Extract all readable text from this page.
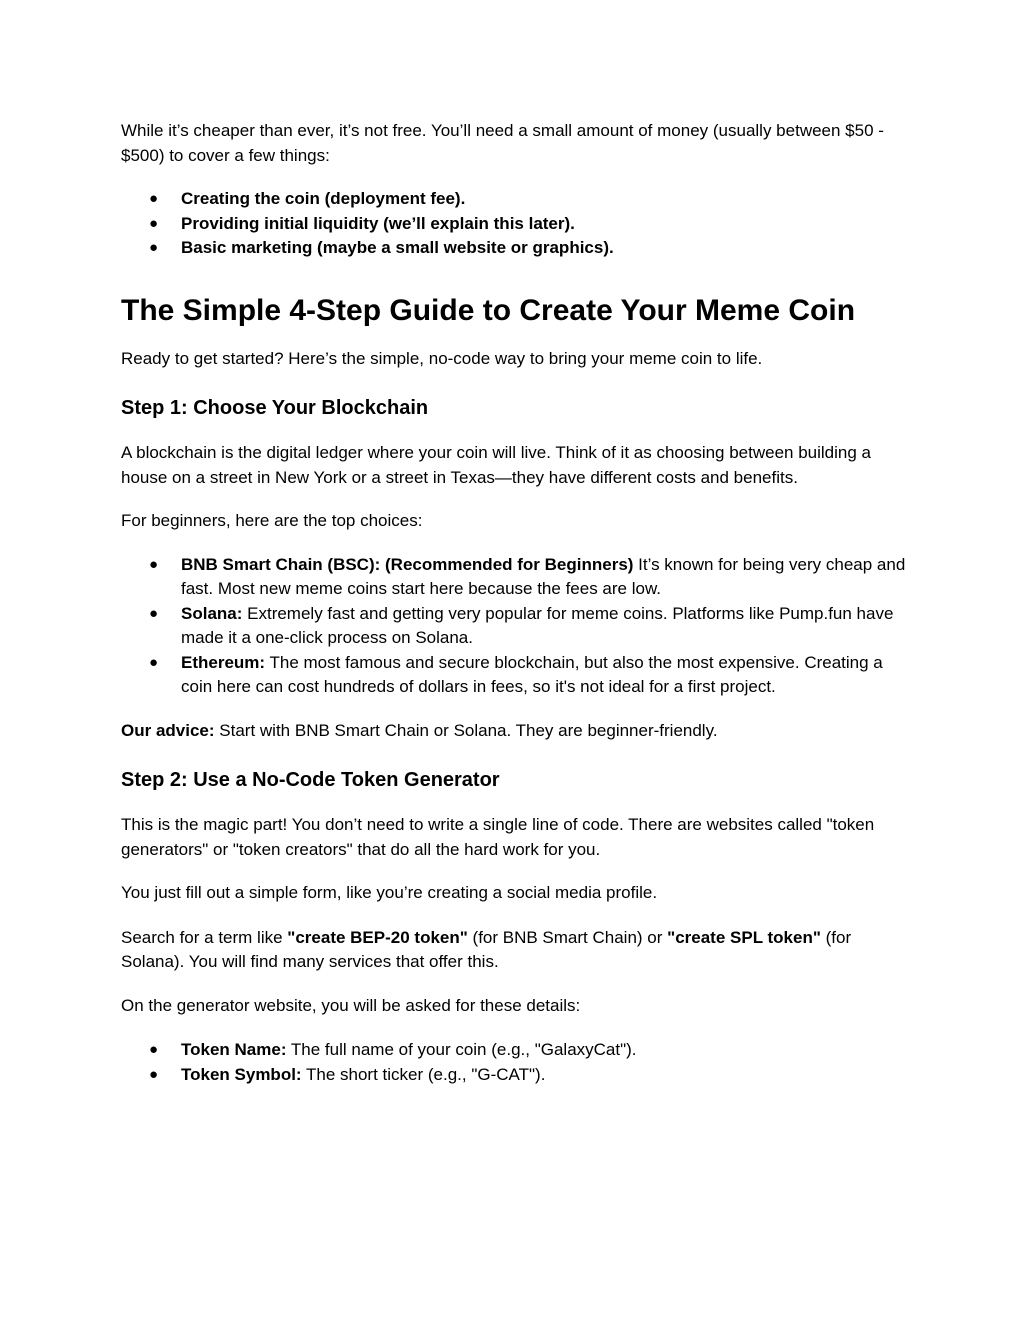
While it’s cheaper than ever, it’s not free. You’ll need a small amount of money (usually between $50 - $500) to cover a few things:

● Creating the coin (deployment fee).
● Providing initial liquidity (we’ll explain this later).
● Basic marketing (maybe a small website or graphics).
The Simple 4-Step Guide to Create Your Meme Coin

Ready to get started? Here’s the simple, no-code way to bring your meme coin to life.

Step 1: Choose Your Blockchain

A blockchain is the digital ledger where your coin will live. Think of it as choosing between building a house on a street in New York or a street in Texas—they have different costs and benefits.

For beginners, here are the top choices:

● BNB Smart Chain (BSC): (Recommended for Beginners) It’s known for being very cheap and fast. Most new meme coins start here because the fees are low.
● Solana: Extremely fast and getting very popular for meme coins. Platforms like Pump.fun have made it a one-click process on Solana.
● Ethereum: The most famous and secure blockchain, but also the most expensive. Creating a coin here can cost hundreds of dollars in fees, so it's not ideal for a first project.

Our advice: Start with BNB Smart Chain or Solana. They are beginner-friendly.

Step 2: Use a No-Code Token Generator

This is the magic part! You don’t need to write a single line of code. There are websites called "token generators" or "token creators" that do all the hard work for you.

You just fill out a simple form, like you’re creating a social media profile.

Search for a term like "create BEP-20 token" (for BNB Smart Chain) or "create SPL token" (for Solana). You will find many services that offer this.

On the generator website, you will be asked for these details:

● Token Name: The full name of your coin (e.g., "GalaxyCat").
● Token Symbol: The short ticker (e.g., "G-CAT").
